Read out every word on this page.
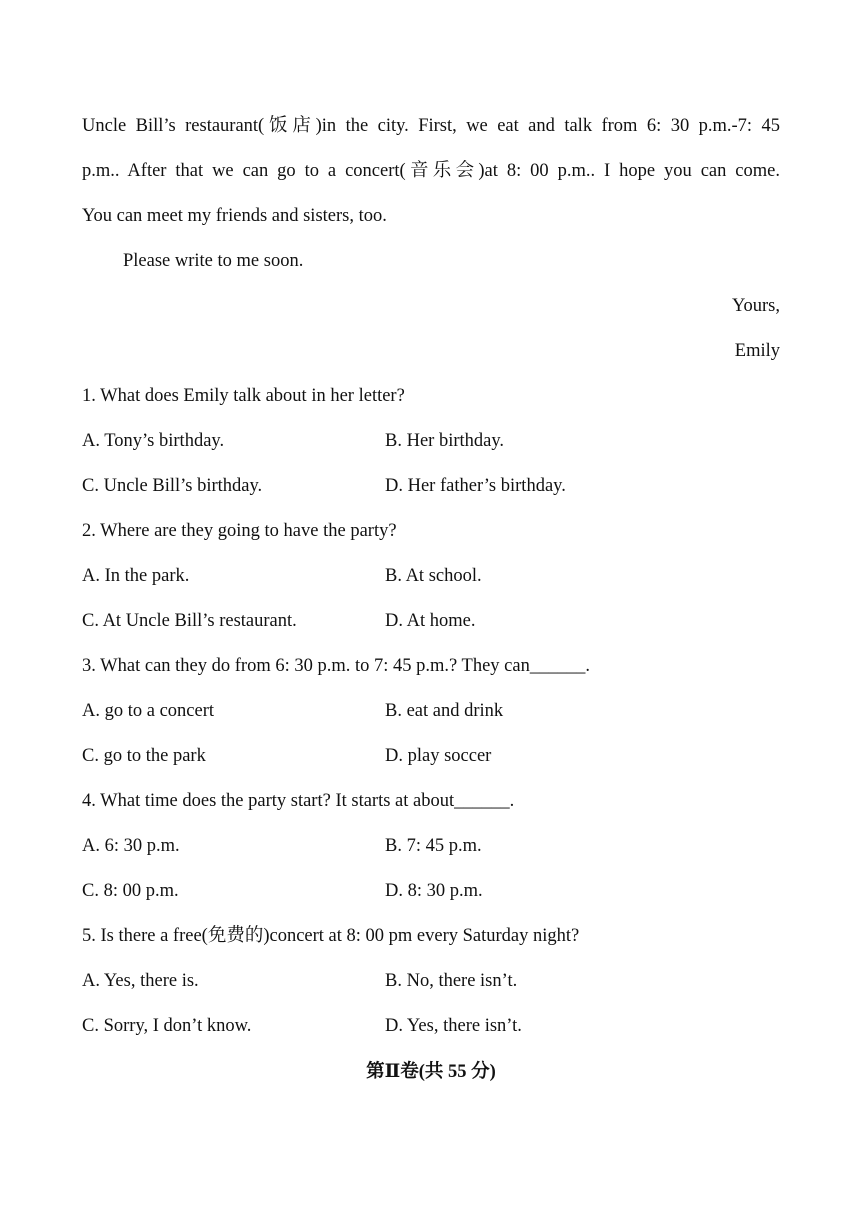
Uncle Bill’s restaurant(饭店)in the city. First, we eat and talk from 6: 30 p.m.-7: 45
p.m.. After that we can go to a concert(音乐会)at 8: 00 p.m.. I hope you can come.
You can meet my friends and sisters, too.
Please write to me soon.
Yours,
Emily
1. What does Emily talk about in her letter?
A. Tony’s birthday.	B. Her birthday.
C. Uncle Bill’s birthday.	D. Her father’s birthday.
2. Where are they going to have the party?
A. In the park.	B. At school.
C. At Uncle Bill’s restaurant.	D. At home.
3. What can they do from 6: 30 p.m. to 7: 45 p.m.? They can______.
A. go to a concert	B. eat and drink
C. go to the park	D. play soccer
4. What time does the party start? It starts at about______.
A. 6: 30 p.m.	B. 7: 45 p.m.
C. 8: 00 p.m.	D. 8: 30 p.m.
5. Is there a free(免费的)concert at 8: 00 pm every Saturday night?
A. Yes, there is.	B. No, there isn’t.
C. Sorry, I don’t know.	D. Yes, there isn’t.
第Ⅱ卷(共 55 分)
